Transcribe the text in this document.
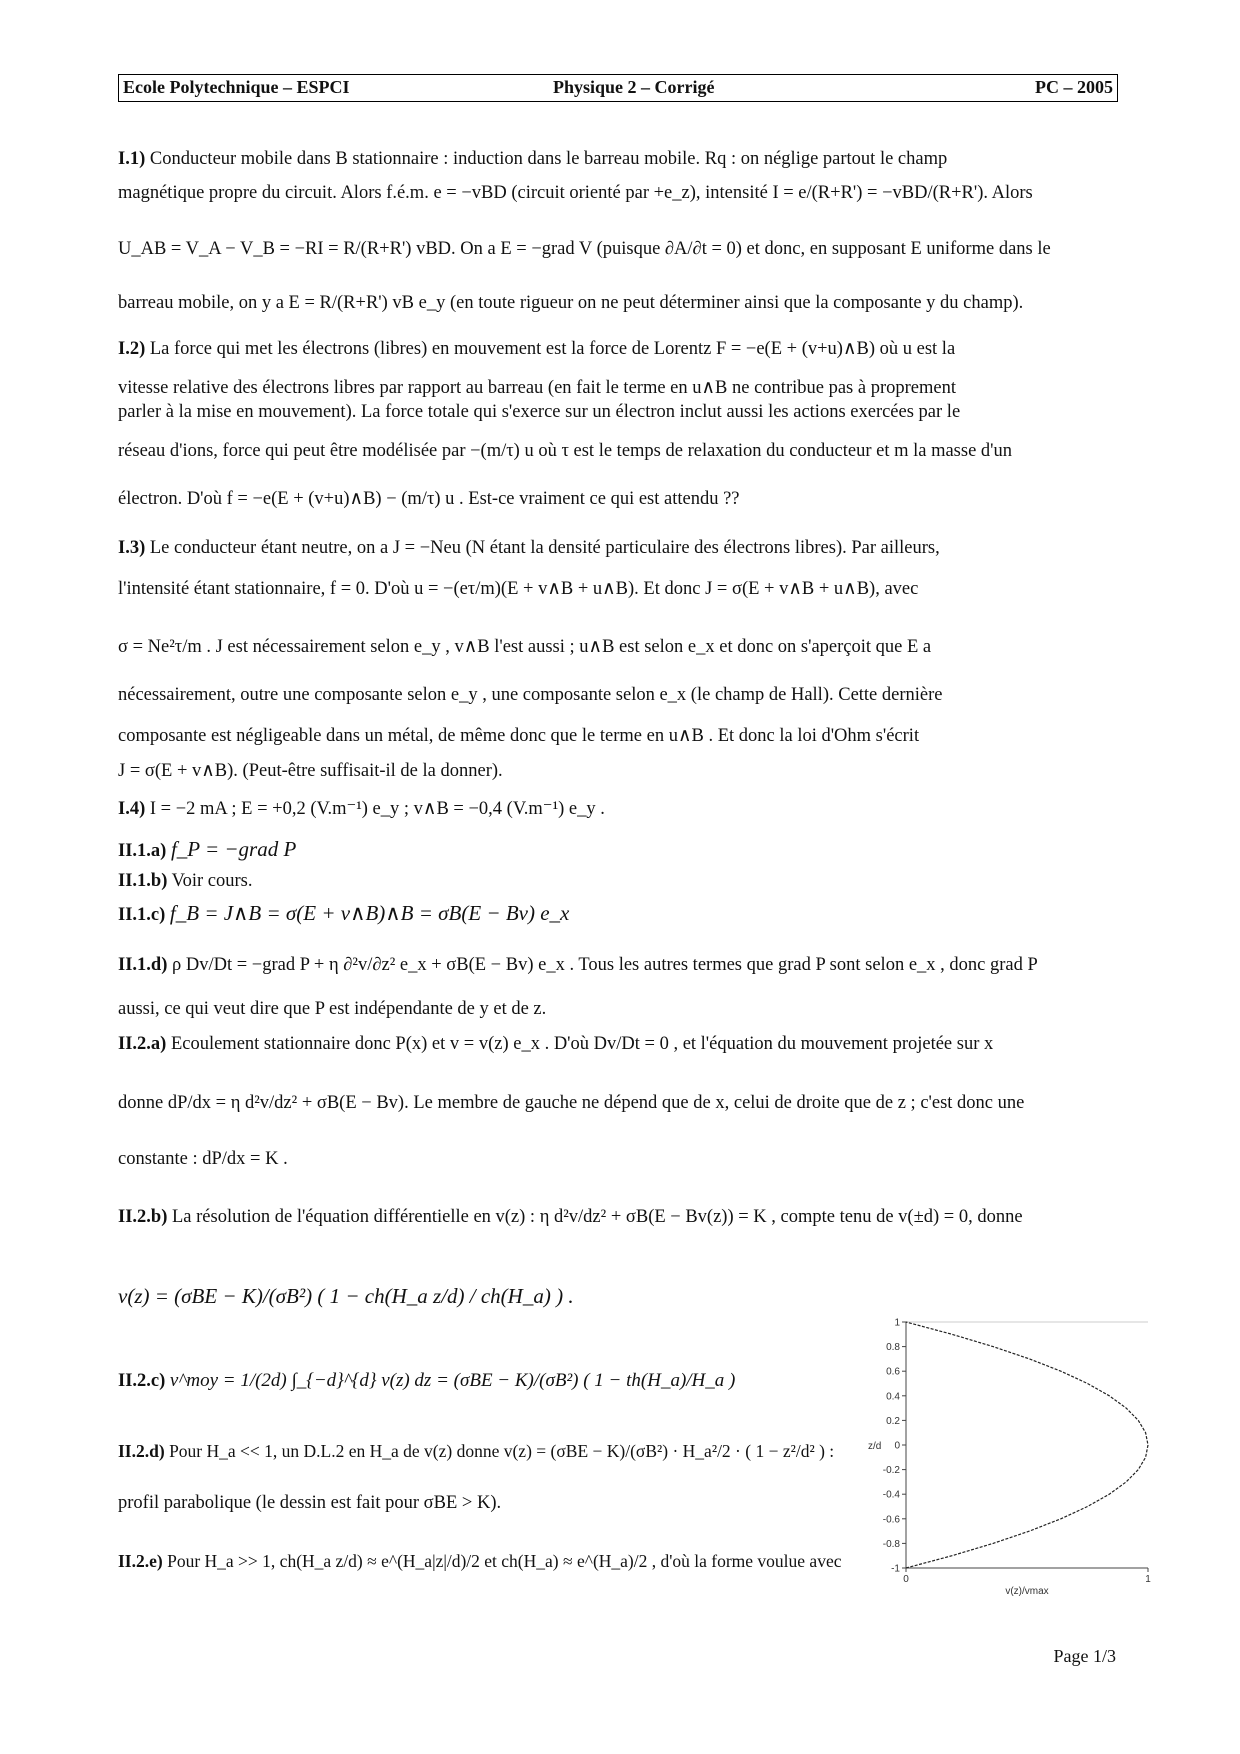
Ecole Polytechnique – ESPCI	Physique 2 – Corrigé	PC – 2005
I.1) Conducteur mobile dans B stationnaire : induction dans le barreau mobile. Rq : on néglige partout le champ
magnétique propre du circuit. Alors f.é.m. e = −vBD (circuit orienté par +e_z), intensité I = e/(R+R') = −vBD/(R+R'). Alors
U_AB = V_A − V_B = −RI = R/(R+R') vBD. On a E = −grad V (puisque ∂A/∂t = 0) et donc, en supposant E uniforme dans le
barreau mobile, on y a E = R/(R+R') vB e_y (en toute rigueur on ne peut déterminer ainsi que la composante y du champ).
I.2) La force qui met les électrons (libres) en mouvement est la force de Lorentz F = −e(E + (v+u)∧B) où u est la
vitesse relative des électrons libres par rapport au barreau (en fait le terme en u∧B ne contribue pas à proprement
parler à la mise en mouvement). La force totale qui s'exerce sur un électron inclut aussi les actions exercées par le
réseau d'ions, force qui peut être modélisée par −(m/τ) u où τ est le temps de relaxation du conducteur et m la masse d'un
électron. D'où f = −e(E + (v+u)∧B) − (m/τ) u . Est-ce vraiment ce qui est attendu ??
I.3) Le conducteur étant neutre, on a J = −Neu (N étant la densité particulaire des électrons libres). Par ailleurs,
l'intensité étant stationnaire, f = 0. D'où u = −(eτ/m)(E + v∧B + u∧B). Et donc J = σ(E + v∧B + u∧B), avec
σ = Ne²τ/m . J est nécessairement selon e_y , v∧B l'est aussi ; u∧B est selon e_x et donc on s'aperçoit que E a
nécessairement, outre une composante selon e_y , une composante selon e_x (le champ de Hall). Cette dernière
composante est négligeable dans un métal, de même donc que le terme en u∧B . Et donc la loi d'Ohm s'écrit
J = σ(E + v∧B). (Peut-être suffisait-il de la donner).
I.4) I = −2 mA ; E = +0,2 (V.m⁻¹) e_y ; v∧B = −0,4 (V.m⁻¹) e_y .
II.1.a) f_P = −grad P
II.1.b) Voir cours.
II.1.c) f_B = J∧B = σ(E + v∧B)∧B = σB(E − Bv) e_x
II.1.d) ρ Dv/Dt = −grad P + η ∂²v/∂z² e_x + σB(E − Bv) e_x . Tous les autres termes que grad P sont selon e_x , donc grad P
aussi, ce qui veut dire que P est indépendante de y et de z.
II.2.a) Ecoulement stationnaire donc P(x) et v = v(z) e_x . D'où Dv/Dt = 0 , et l'équation du mouvement projetée sur x
donne dP/dx = η d²v/dz² + σB(E − Bv). Le membre de gauche ne dépend que de x, celui de droite que de z ; c'est donc une
constante : dP/dx = K .
II.2.b) La résolution de l'équation différentielle en v(z) : η d²v/dz² + σB(E − Bv(z)) = K , compte tenu de v(±d) = 0, donne
v(z) = (σBE − K)/(σB²) ( 1 − ch(H_a z/d) / ch(H_a) ) .
II.2.c) v^moy = 1/(2d) ∫_{−d}^{d} v(z) dz = (σBE − K)/(σB²) ( 1 − th(H_a)/H_a )
II.2.d) Pour H_a << 1, un D.L.2 en H_a de v(z) donne v(z) = (σBE − K)/(σB²) · H_a²/2 · ( 1 − z²/d² ) :
profil parabolique (le dessin est fait pour σBE > K).
II.2.e) Pour H_a >> 1, ch(H_a z/d) ≈ e^(H_a|z|/d)/2 et ch(H_a) ≈ e^(H_a)/2 , d'où la forme voulue avec
1
0.8
0.6
0.4
0.2
0
-0.2
-0.4
-0.6
-0.8
-1
0	1
z/d
v(z)/vmax
Page 1/3
